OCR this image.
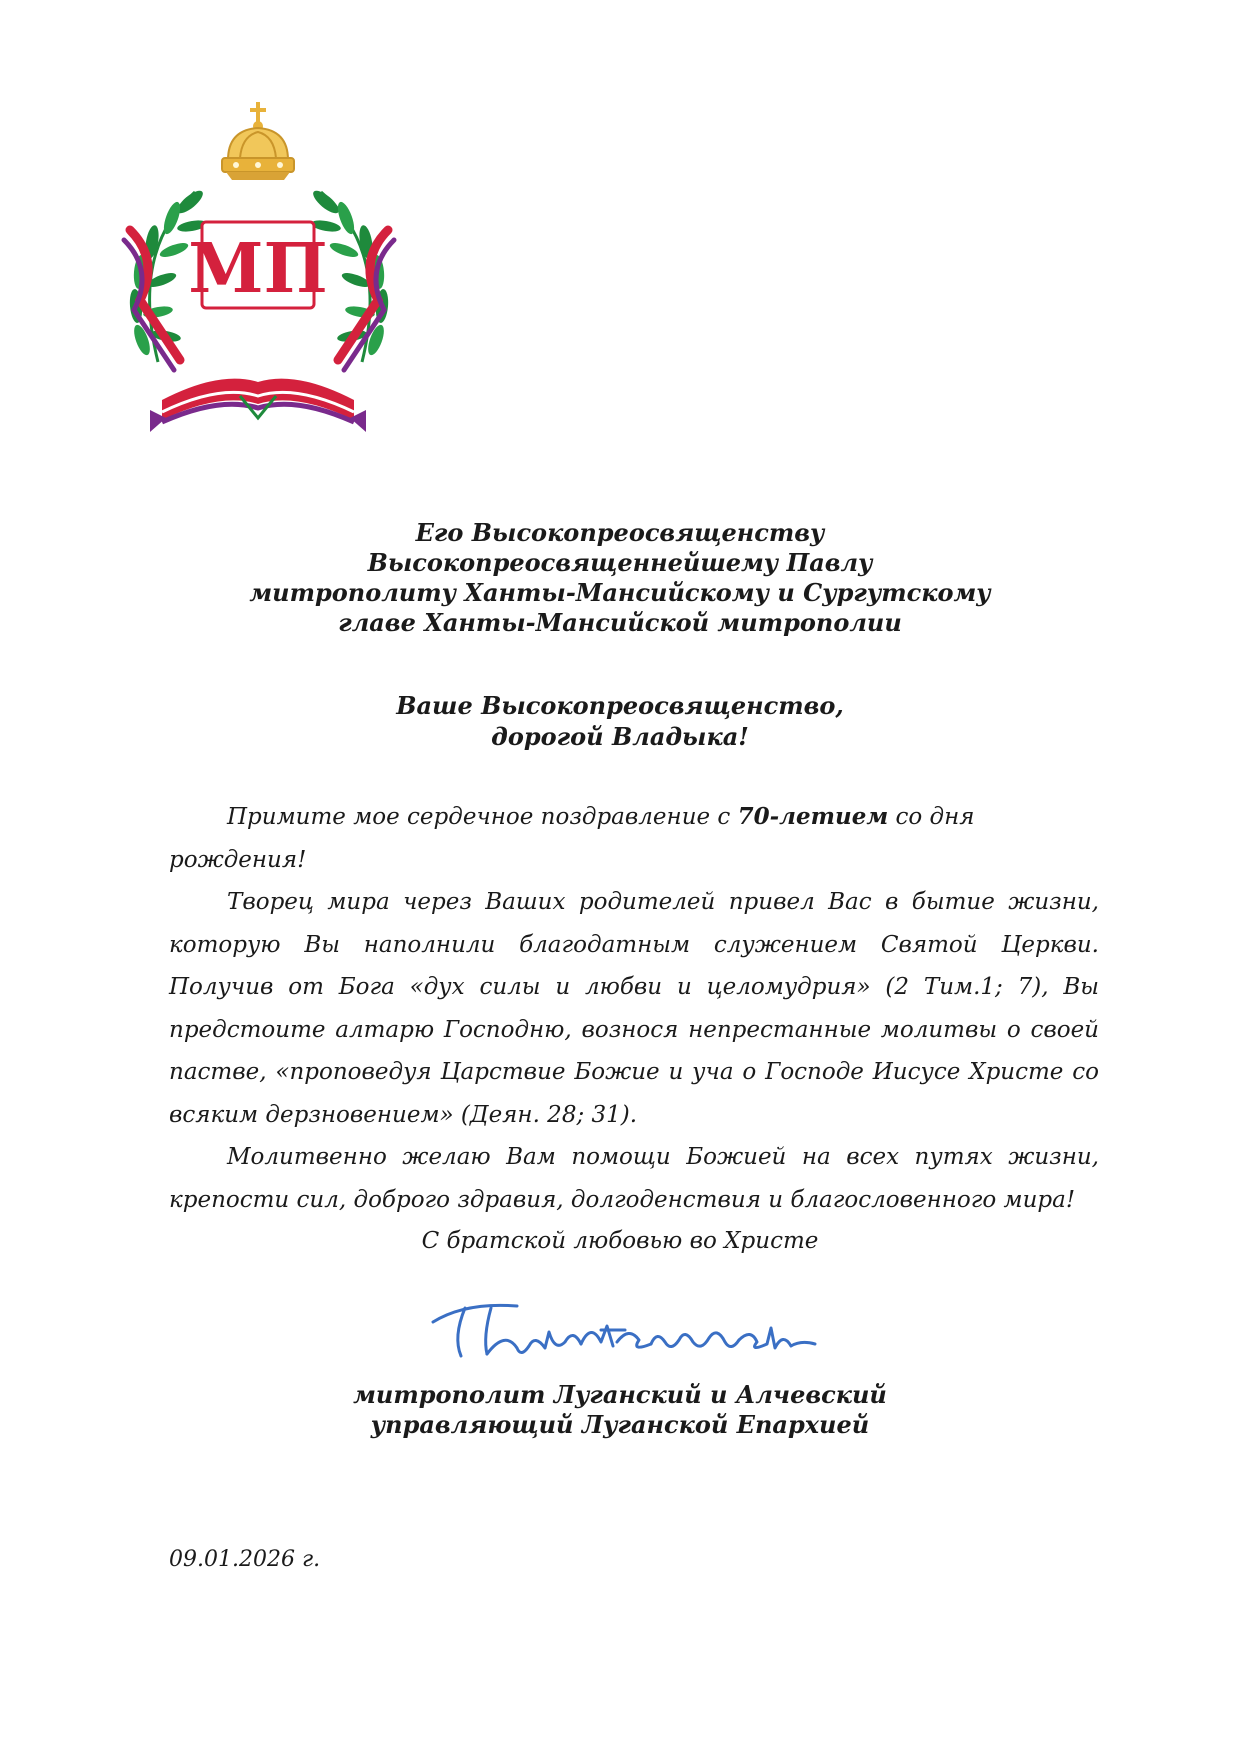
МП
Его Высокопреосвященству
Высокопреосвященнейшему Павлу
митрополиту Ханты-Мансийскому и Сургутскому
главе Ханты-Мансийской митрополии
Ваше Высокопреосвященство,
дорогой Владыка!

Примите мое сердечное поздравление с 70-летием со дня рождения!

Творец мира через Ваших родителей привел Вас в бытие жизни, которую Вы наполнили благодатным служением Святой Церкви. Получив от Бога «дух силы и любви и целомудрия» (2 Тим.1; 7), Вы предстоите алтарю Господню, вознося непрестанные молитвы о своей пастве, «проповедуя Царствие Божие и уча о Господе Иисусе Христе со всяким дерзновением» (Деян. 28; 31).

Молитвенно желаю Вам помощи Божией на всех путях жизни, крепости сил, доброго здравия, долгоденствия и благословенного мира!

С братской любовью во Христе
митрополит Луганский и Алчевский
управляющий Луганской Епархией
09.01.2026 г.
